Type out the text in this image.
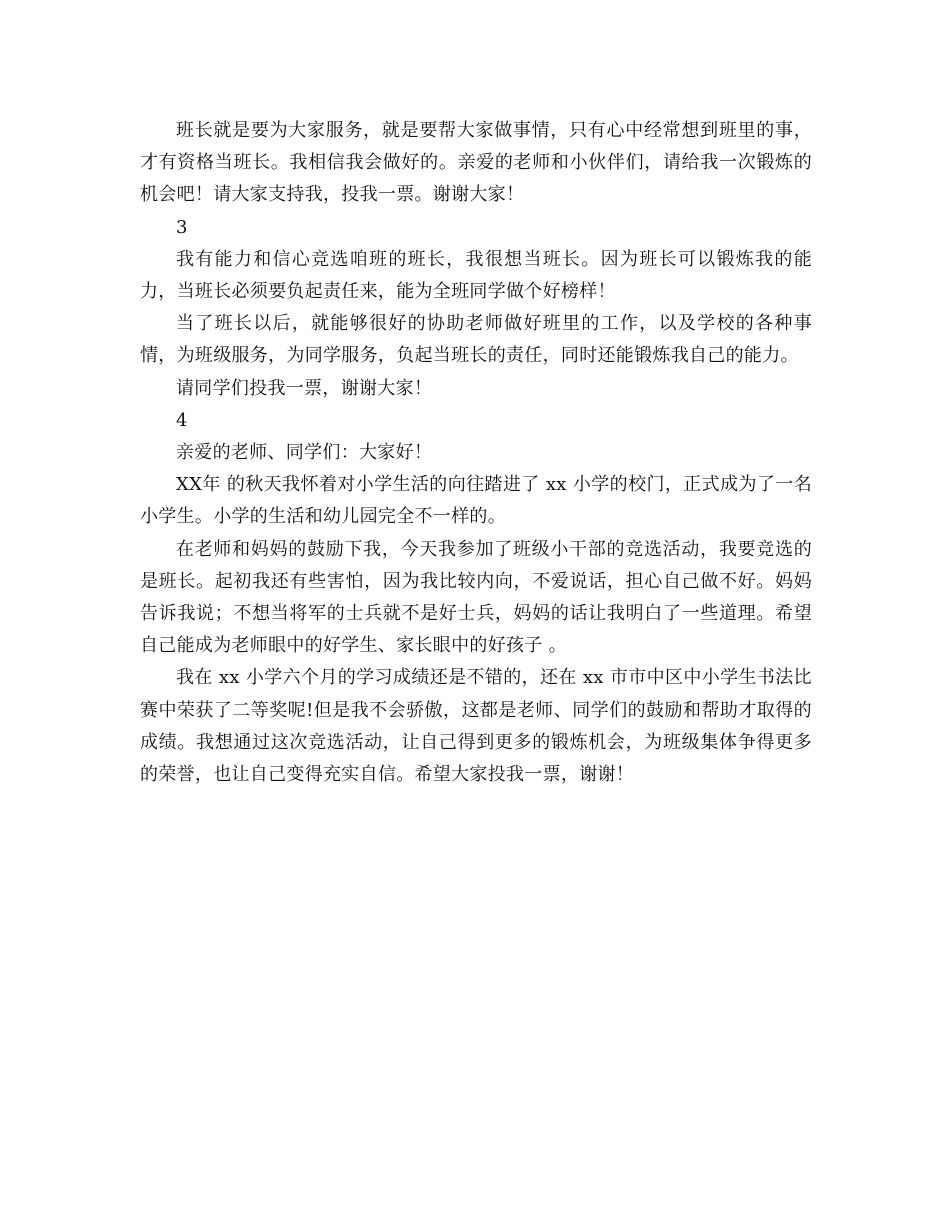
班长就是要为大家服务，就是要帮大家做事情，只有心中经常想到班里的事，才有资格当班长。我相信我会做好的。亲爱的老师和小伙伴们，请给我一次锻炼的机会吧！请大家支持我，投我一票。谢谢大家！

3

我有能力和信心竞选咱班的班长，我很想当班长。因为班长可以锻炼我的能力，当班长必须要负起责任来，能为全班同学做个好榜样！

当了班长以后，就能够很好的协助老师做好班里的工作，以及学校的各种事情，为班级服务，为同学服务，负起当班长的责任，同时还能锻炼我自己的能力。

请同学们投我一票，谢谢大家！

4

亲爱的老师、同学们：大家好！

XX年 的秋天我怀着对小学生活的向往踏进了 xx 小学的校门，正式成为了一名小学生。小学的生活和幼儿园完全不一样的。

在老师和妈妈的鼓励下我，今天我参加了班级小干部的竞选活动，我要竞选的是班长。起初我还有些害怕，因为我比较内向，不爱说话，担心自己做不好。妈妈告诉我说；不想当将军的士兵就不是好士兵，妈妈的话让我明白了一些道理。希望自己能成为老师眼中的好学生、家长眼中的好孩子 。

我在 xx 小学六个月的学习成绩还是不错的，还在 xx 市市中区中小学生书法比赛中荣获了二等奖呢!但是我不会骄傲，这都是老师、同学们的鼓励和帮助才取得的成绩。我想通过这次竞选活动，让自己得到更多的锻炼机会，为班级集体争得更多的荣誉，也让自己变得充实自信。希望大家投我一票，谢谢！
